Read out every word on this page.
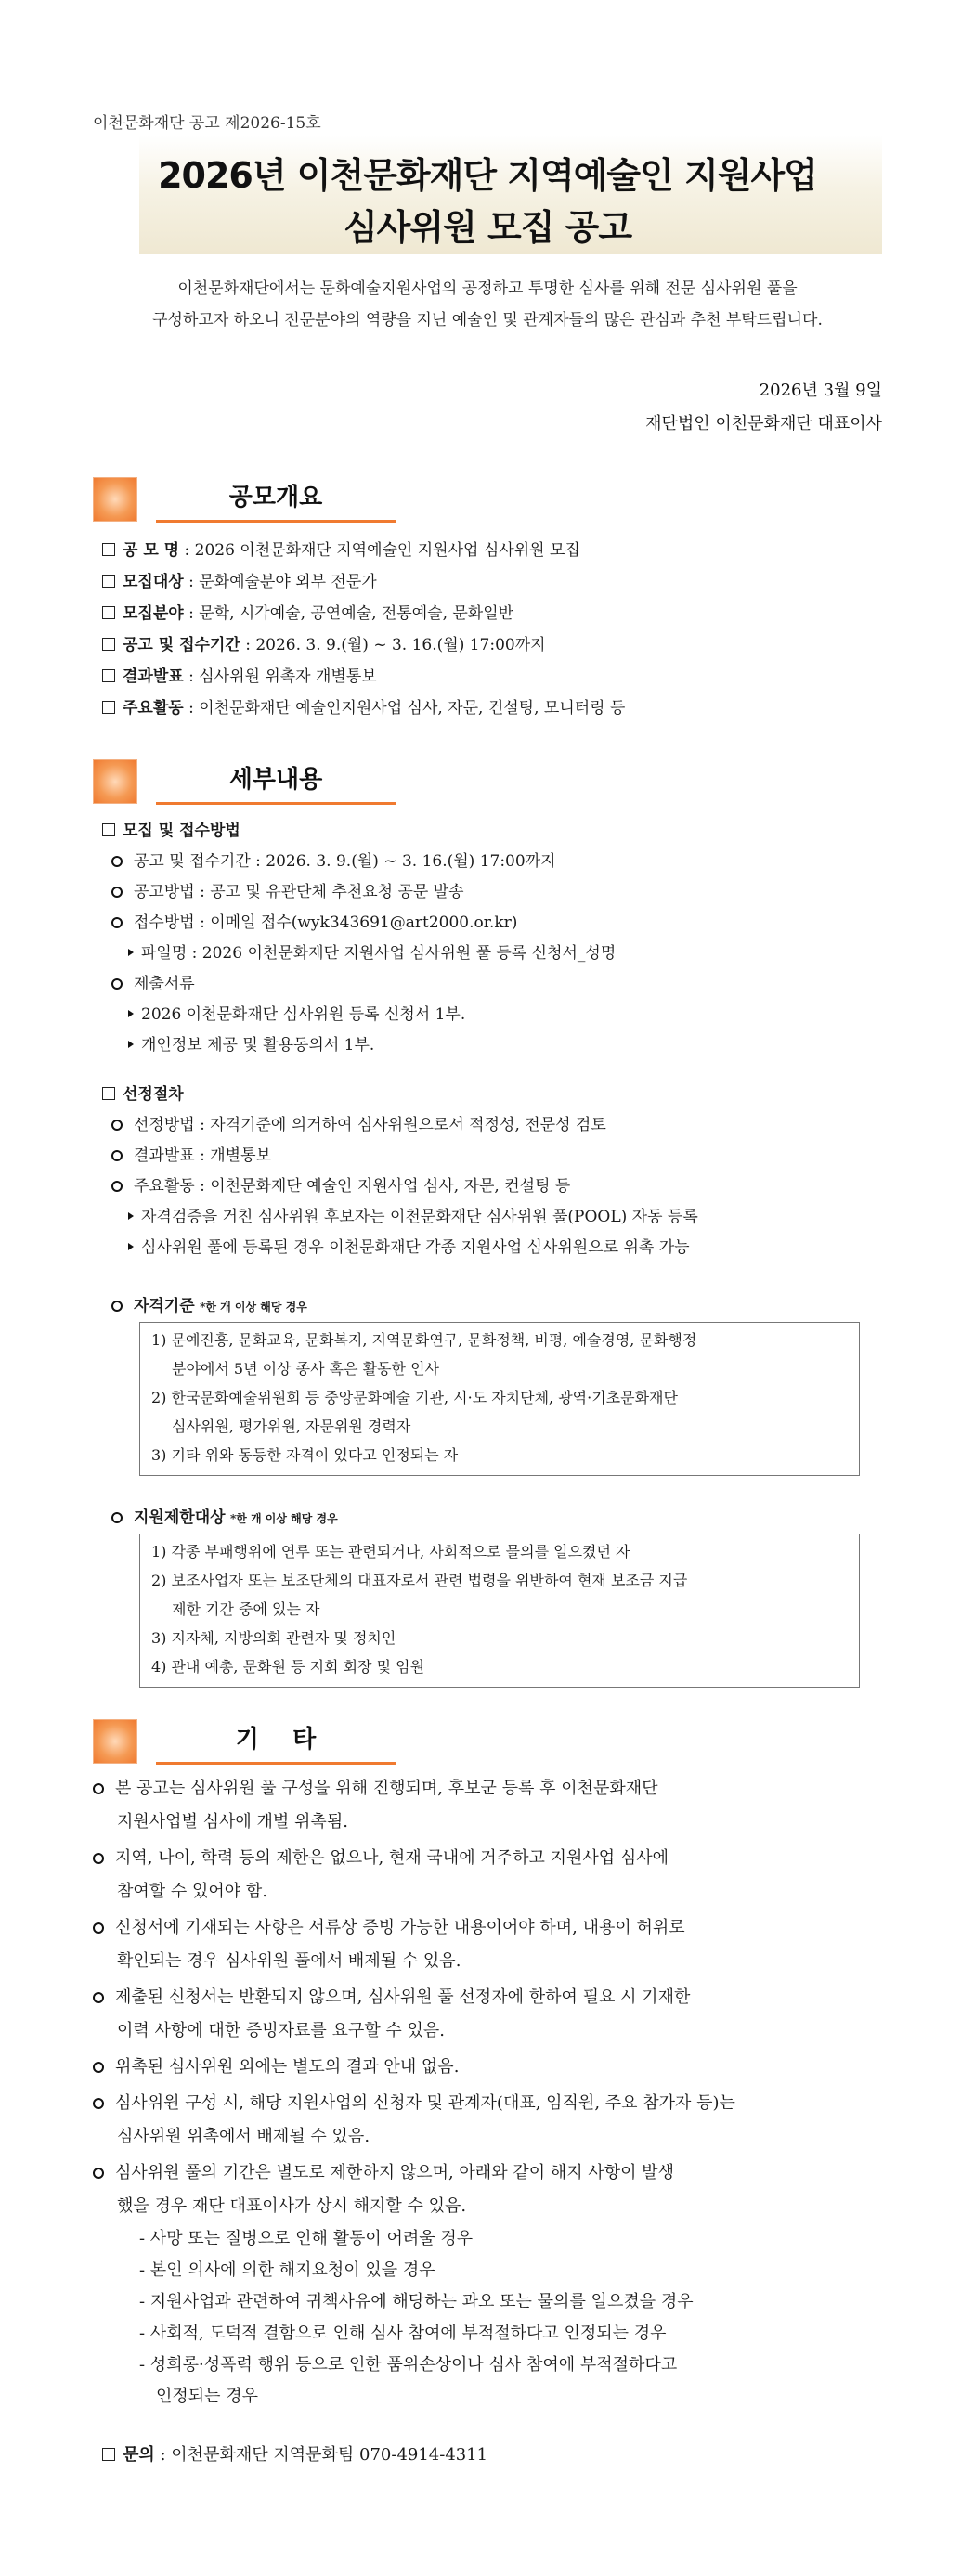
이천문화재단 공고 제2026-15호
2026년 이천문화재단 지역예술인 지원사업
심사위원 모집 공고
이천문화재단에서는 문화예술지원사업의 공정하고 투명한 심사를 위해 전문 심사위원 풀을
구성하고자 하오니 전문분야의 역량을 지닌 예술인 및 관계자들의 많은 관심과 추천 부탁드립니다.
2026년 3월 9일
재단법인 이천문화재단 대표이사
공모개요
공 모 명 : 2026 이천문화재단 지역예술인 지원사업 심사위원 모집
모집대상 : 문화예술분야 외부 전문가
모집분야 : 문학, 시각예술, 공연예술, 전통예술, 문화일반
공고 및 접수기간 : 2026. 3. 9.(월) ~ 3. 16.(월) 17:00까지
결과발표 : 심사위원 위촉자 개별통보
주요활동 : 이천문화재단 예술인지원사업 심사, 자문, 컨설팅, 모니터링 등
세부내용
모집 및 접수방법
공고 및 접수기간 : 2026. 3. 9.(월) ~ 3. 16.(월) 17:00까지
공고방법 : 공고 및 유관단체 추천요청 공문 발송
접수방법 : 이메일 접수(wyk343691@art2000.or.kr)
파일명 : 2026 이천문화재단 지원사업 심사위원 풀 등록 신청서_성명
제출서류
2026 이천문화재단 심사위원 등록 신청서 1부.
개인정보 제공 및 활용동의서 1부.
선정절차
선정방법 : 자격기준에 의거하여 심사위원으로서 적정성, 전문성 검토
결과발표 : 개별통보
주요활동 : 이천문화재단 예술인 지원사업 심사, 자문, 컨설팅 등
자격검증을 거친 심사위원 후보자는 이천문화재단 심사위원 풀(POOL) 자동 등록
심사위원 풀에 등록된 경우 이천문화재단 각종 지원사업 심사위원으로 위촉 가능
자격기준 *한 개 이상 해당 경우
1) 문예진흥, 문화교육, 문화복지, 지역문화연구, 문화정책, 비평, 예술경영, 문화행정
분야에서 5년 이상 종사 혹은 활동한 인사
2) 한국문화예술위원회 등 중앙문화예술 기관, 시·도 자치단체, 광역·기초문화재단
심사위원, 평가위원, 자문위원 경력자
3) 기타 위와 동등한 자격이 있다고 인정되는 자
지원제한대상 *한 개 이상 해당 경우
1) 각종 부패행위에 연루 또는 관련되거나, 사회적으로 물의를 일으켰던 자
2) 보조사업자 또는 보조단체의 대표자로서 관련 법령을 위반하여 현재 보조금 지급
제한 기간 중에 있는 자
3) 지자체, 지방의회 관련자 및 정치인
4) 관내 예총, 문화원 등 지회 회장 및 임원
기    타
본 공고는 심사위원 풀 구성을 위해 진행되며, 후보군 등록 후 이천문화재단
지원사업별 심사에 개별 위촉됨.
지역, 나이, 학력 등의 제한은 없으나, 현재 국내에 거주하고 지원사업 심사에
참여할 수 있어야 함.
신청서에 기재되는 사항은 서류상 증빙 가능한 내용이어야 하며, 내용이 허위로
확인되는 경우 심사위원 풀에서 배제될 수 있음.
제출된 신청서는 반환되지 않으며, 심사위원 풀 선정자에 한하여 필요 시 기재한
이력 사항에 대한 증빙자료를 요구할 수 있음.
위촉된 심사위원 외에는 별도의 결과 안내 없음.
심사위원 구성 시, 해당 지원사업의 신청자 및 관계자(대표, 임직원, 주요 참가자 등)는
심사위원 위촉에서 배제될 수 있음.
심사위원 풀의 기간은 별도로 제한하지 않으며, 아래와 같이 해지 사항이 발생
했을 경우 재단 대표이사가 상시 해지할 수 있음.
- 사망 또는 질병으로 인해 활동이 어려울 경우
- 본인 의사에 의한 해지요청이 있을 경우
- 지원사업과 관련하여 귀책사유에 해당하는 과오 또는 물의를 일으켰을 경우
- 사회적, 도덕적 결함으로 인해 심사 참여에 부적절하다고 인정되는 경우
- 성희롱·성폭력 행위 등으로 인한 품위손상이나 심사 참여에 부적절하다고
인정되는 경우
문의 : 이천문화재단 지역문화팀 070-4914-4311
